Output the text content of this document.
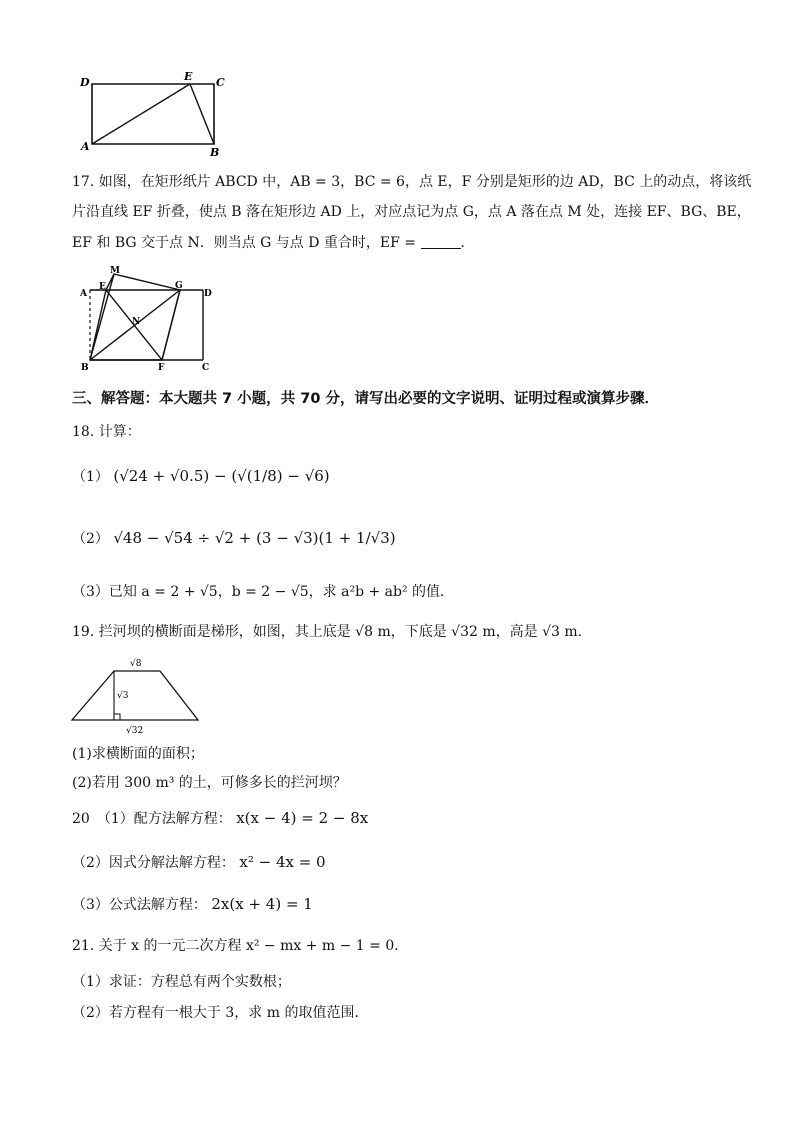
D	E C
A	B
17. 如图，在矩形纸片 ABCD 中，AB = 3，BC = 6，点 E，F 分别是矩形的边 AD，BC 上的动点，将该纸
片沿直线 EF 折叠，使点 B 落在矩形边 AD 上，对应点记为点 G，点 A 落在点 M 处，连接 EF、BG、BE，
EF 和 BG 交于点 N．则当点 G 与点 D 重合时，EF =	．
M
E	G
D
A
N
B	F	C
三、解答题：本大题共 7 小题，共 70 分，请写出必要的文字说明、证明过程或演算步骤．
18. 计算：
（1） (√24 + √0.5) − (√(1/8) − √6)
（2） √48 − √54 ÷ √2 + (3 − √3)(1 + 1/√3)
（3）已知 a = 2 + √5，b = 2 − √5，求 a²b + ab² 的值．
19. 拦河坝的横断面是梯形，如图，其上底是 √8 m，下底是 √32 m，高是 √3 m.
√8
√3
√32
(1)求横断面的面积；
(2)若用 300 m³ 的土，可修多长的拦河坝？
20　（1）配方法解方程： x(x − 4) = 2 − 8x
（2）因式分解法解方程： x² − 4x = 0
（3）公式法解方程： 2x(x + 4) = 1
21. 关于 x 的一元二次方程 x² − mx + m − 1 = 0．
（1）求证：方程总有两个实数根；
（2）若方程有一根大于 3，求 m 的取值范围．
